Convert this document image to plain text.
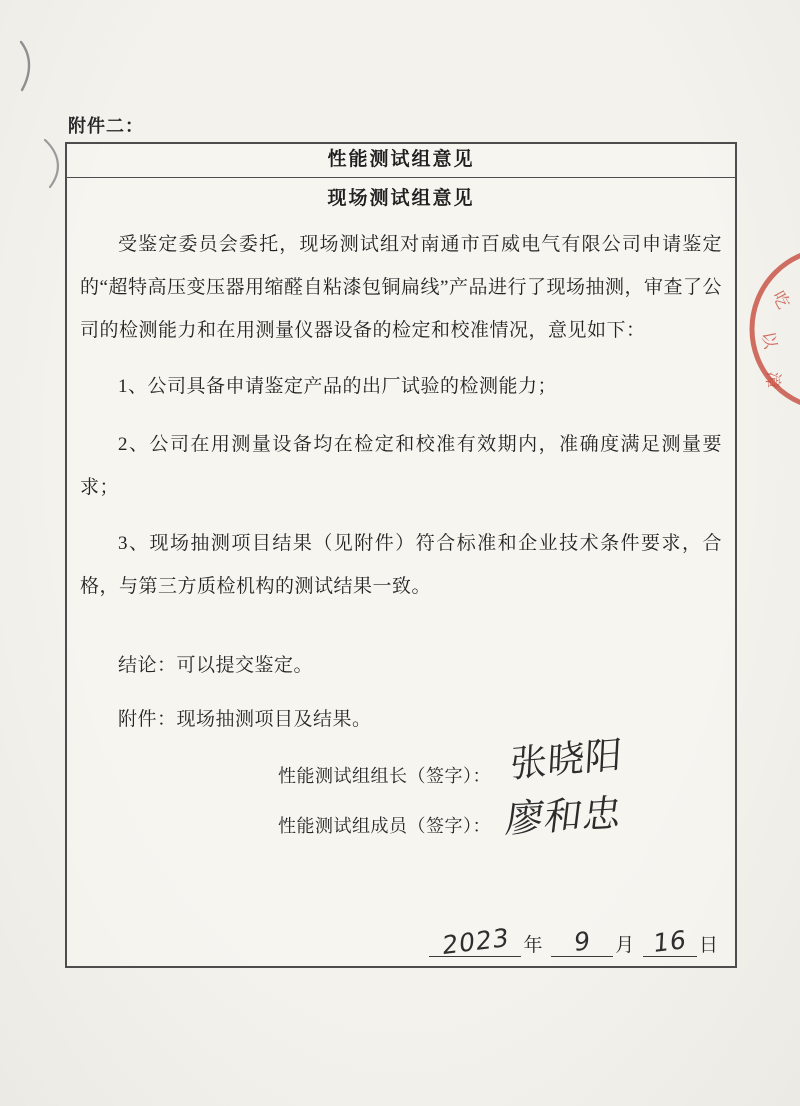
附件二：
性能测试组意见
现场测试组意见

受鉴定委员会委托，现场测试组对南通市百威电气有限公司申请鉴定的“超特高压变压器用缩醛自粘漆包铜扁线”产品进行了现场抽测，审查了公司的检测能力和在用测量仪器设备的检定和校准情况，意见如下：

1、公司具备申请鉴定产品的出厂试验的检测能力；

2、公司在用测量设备均在检定和校准有效期内，准确度满足测量要求；

3、现场抽测项目结果（见附件）符合标准和企业技术条件要求，合格，与第三方质检机构的测试结果一致。

结论：可以提交鉴定。

附件：现场抽测项目及结果。

性能测试组组长（签字）： 张晓阳
性能测试组成员（签字）： 廖和忠
2023 年 9 月 16 日
吃
以
漳
